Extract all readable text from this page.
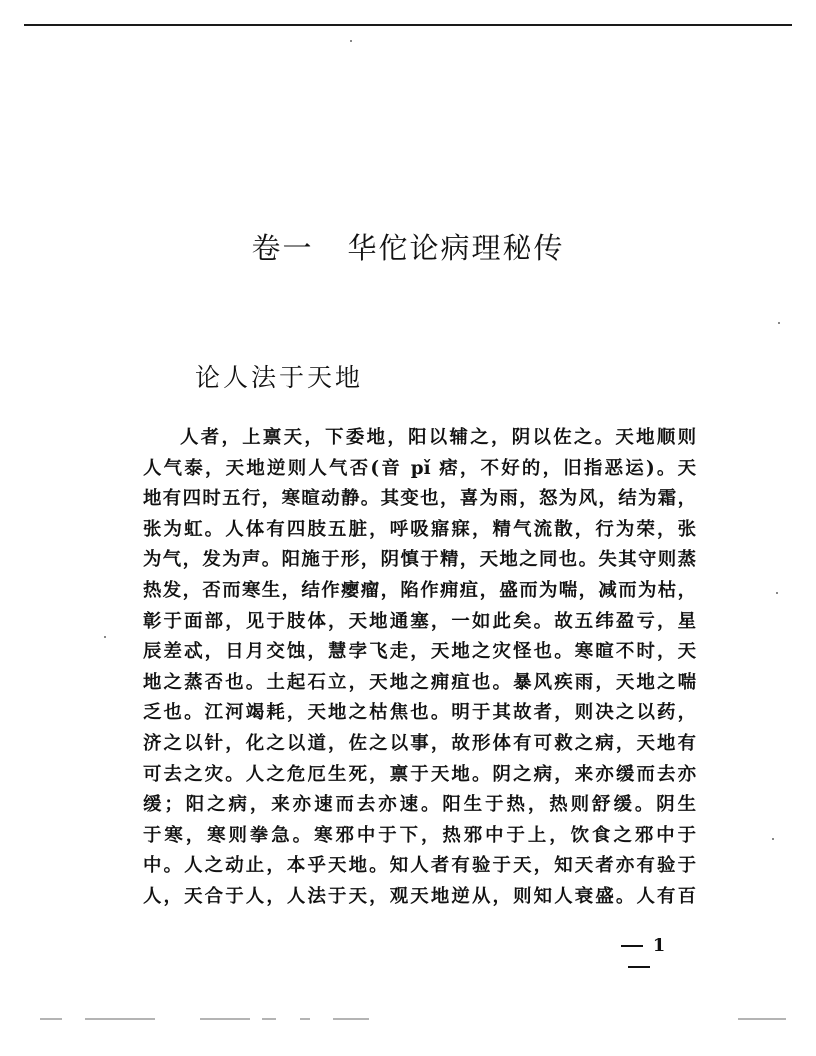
卷一 华佗论病理秘传
论人法于天地
人者，上禀天，下委地，阳以辅之，阴以佐之。天地顺则
人气泰，天地逆则人气否(音 pǐ 痞，不好的，旧指恶运)。天
地有四时五行，寒暄动静。其变也，喜为雨，怒为风，结为霜，
张为虹。人体有四肢五脏，呼吸寤寐，精气流散，行为荣，张
为气，发为声。阳施于形，阴慎于精，天地之同也。失其守则蒸
热发，否而寒生，结作瘿瘤，陷作痈疽，盛而为喘，减而为枯，
彰于面部，见于肢体，天地通塞，一如此矣。故五纬盈亏，星
辰差忒，日月交蚀，慧孛飞走，天地之灾怪也。寒暄不时，天
地之蒸否也。土起石立，天地之痈疽也。暴风疾雨，天地之喘
乏也。江河竭耗，天地之枯焦也。明于其故者，则决之以药，
济之以针，化之以道，佐之以事，故形体有可救之病，天地有
可去之灾。人之危厄生死，禀于天地。阴之病，来亦缓而去亦
缓；阳之病，来亦速而去亦速。阳生于热，热则舒缓。阴生
于寒，寒则拳急。寒邪中于下，热邪中于上，饮食之邪中于
中。人之动止，本乎天地。知人者有验于天，知天者亦有验于
人，天合于人，人法于天，观天地逆从，则知人衰盛。人有百
1
